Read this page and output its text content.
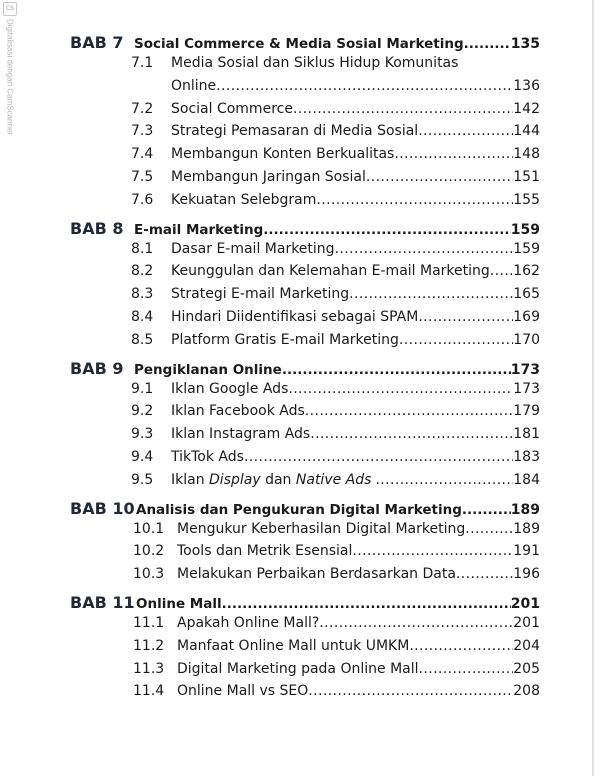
CS
Digitalisasi dengan CamScanner	BAB 7 Social Commerce & Media Sosial Marketing .....	135
7.1	Media Sosial dan Siklus Hidup Komunitas
Online .....	136
7.2	Social Commerce .....	142
7.3	Strategi Pemasaran di Media Sosial .....	144
7.4	Membangun Konten Berkualitas .....	148
7.5	Membangun Jaringan Sosial .....	151
7.6	Kekuatan Selebgram .....	155
BAB 8 E-mail Marketing .....	159
8.1	Dasar E-mail Marketing .....	159
8.2	Keunggulan dan Kelemahan E-mail Marketing ..... 162
8.3	Strategi E-mail Marketing .....	165
8.4	Hindari Diidentifikasi sebagai SPAM .....	169
8.5	Platform Gratis E-mail Marketing .....	170
BAB 9 Pengiklanan Online .....	173
9.1	Iklan Google Ads .....	173
9.2	Iklan Facebook Ads .....	179
9.3	Iklan Instagram Ads .....	181
9.4	TikTok Ads .....	183
9.5	Iklan Display dan Native Ads .....	184
BAB 10 Analisis dan Pengukuran Digital Marketing .....	189
10.1 Mengukur Keberhasilan Digital Marketing .....	189
10.2 Tools dan Metrik Esensial .....	191
10.3 Melakukan Perbaikan Berdasarkan Data .....	196
BAB 11 Online Mall .....	201
11.1 Apakah Online Mall? .....	201
11.2 Manfaat Online Mall untuk UMKM .....	204
11.3 Digital Marketing pada Online Mall .....	205
11.4 Online Mall vs SEO .....	208
